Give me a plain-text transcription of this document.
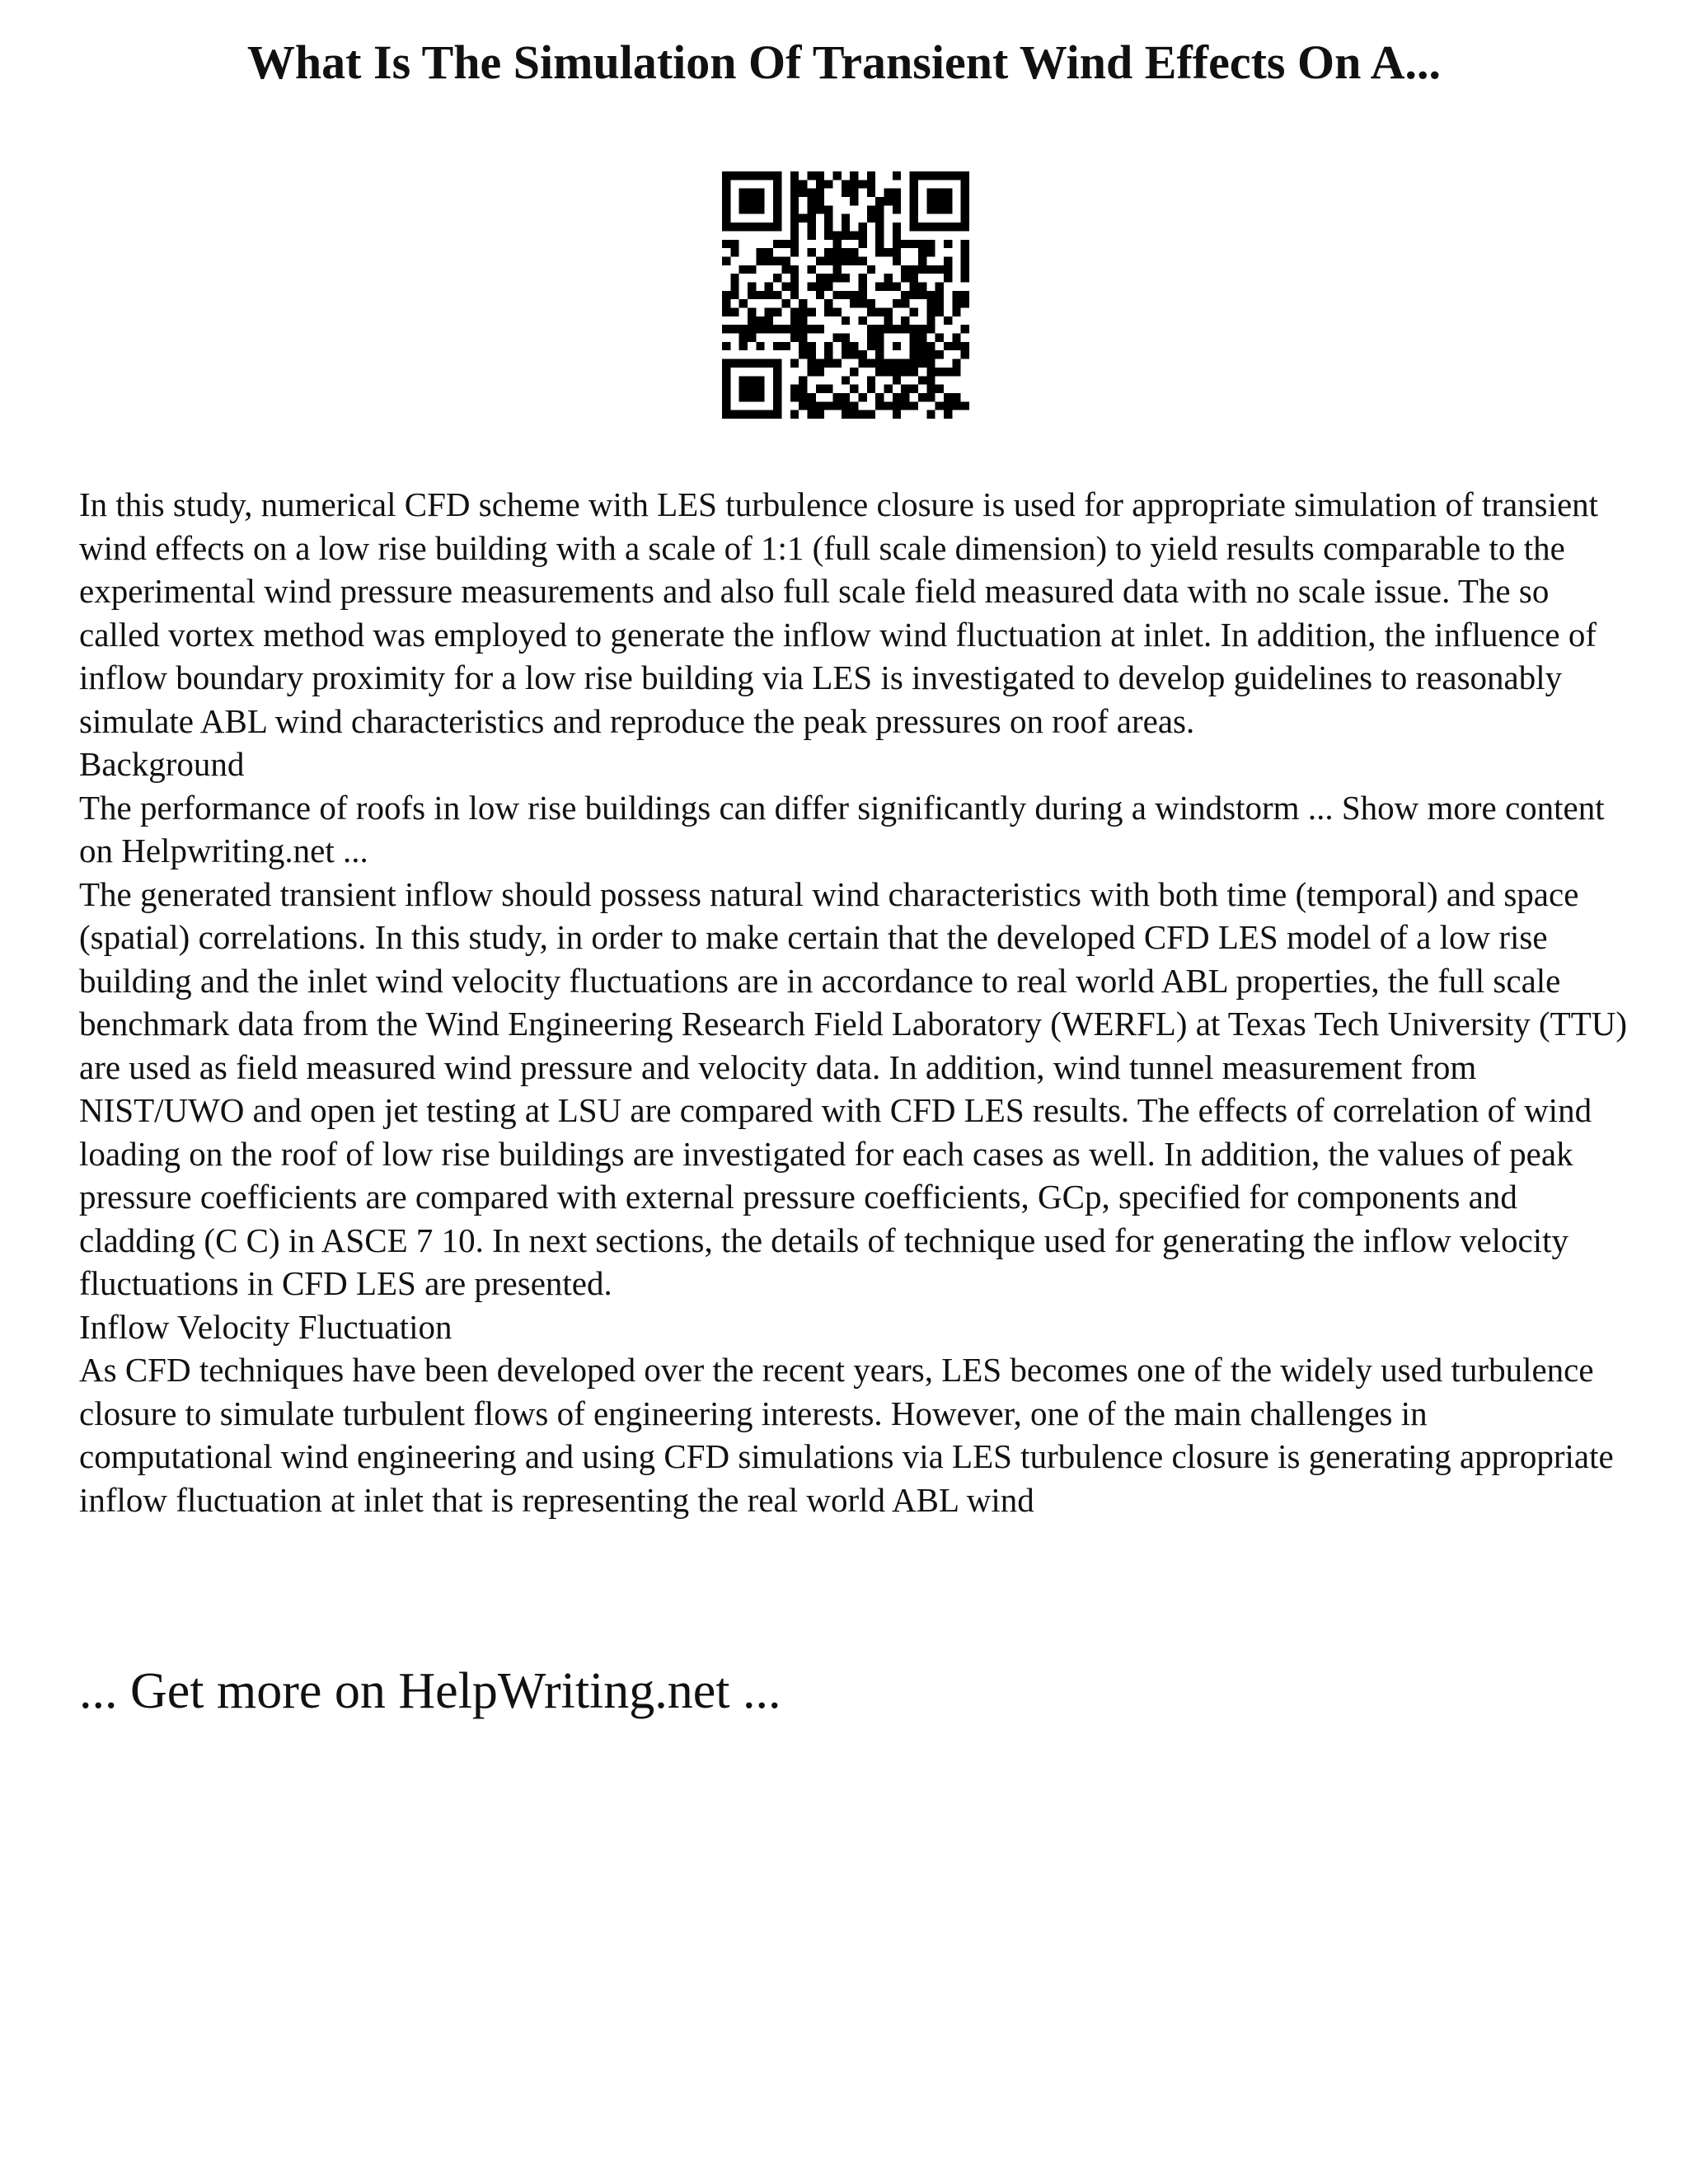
What Is The Simulation Of Transient Wind Effects On A...

In this study, numerical CFD scheme with LES turbulence closure is used for appropriate simulation of transient wind effects on a low rise building with a scale of 1:1 (full scale dimension) to yield results comparable to the experimental wind pressure measurements and also full scale field measured data with no scale issue. The so called vortex method was employed to generate the inflow wind fluctuation at inlet. In addition, the influence of inflow boundary proximity for a low rise building via LES is investigated to develop guidelines to reasonably simulate ABL wind characteristics and reproduce the peak pressures on roof areas.

Background

The performance of roofs in low rise buildings can differ significantly during a windstorm ... Show more content on Helpwriting.net ...

The generated transient inflow should possess natural wind characteristics with both time (temporal) and space (spatial) correlations. In this study, in order to make certain that the developed CFD LES model of a low rise building and the inlet wind velocity fluctuations are in accordance to real world ABL properties, the full scale benchmark data from the Wind Engineering Research Field Laboratory (WERFL) at Texas Tech University (TTU) are used as field measured wind pressure and velocity data. In addition, wind tunnel measurement from NIST/UWO and open jet testing at LSU are compared with CFD LES results. The effects of correlation of wind loading on the roof of low rise buildings are investigated for each cases as well. In addition, the values of peak pressure coefficients are compared with external pressure coefficients, GCp, specified for components and cladding (C C) in ASCE 7 10. In next sections, the details of technique used for generating the inflow velocity fluctuations in CFD LES are presented.

Inflow Velocity Fluctuation

As CFD techniques have been developed over the recent years, LES becomes one of the widely used turbulence closure to simulate turbulent flows of engineering interests. However, one of the main challenges in computational wind engineering and using CFD simulations via LES turbulence closure is generating appropriate inflow fluctuation at inlet that is representing the real world ABL wind

... Get more on HelpWriting.net ...
